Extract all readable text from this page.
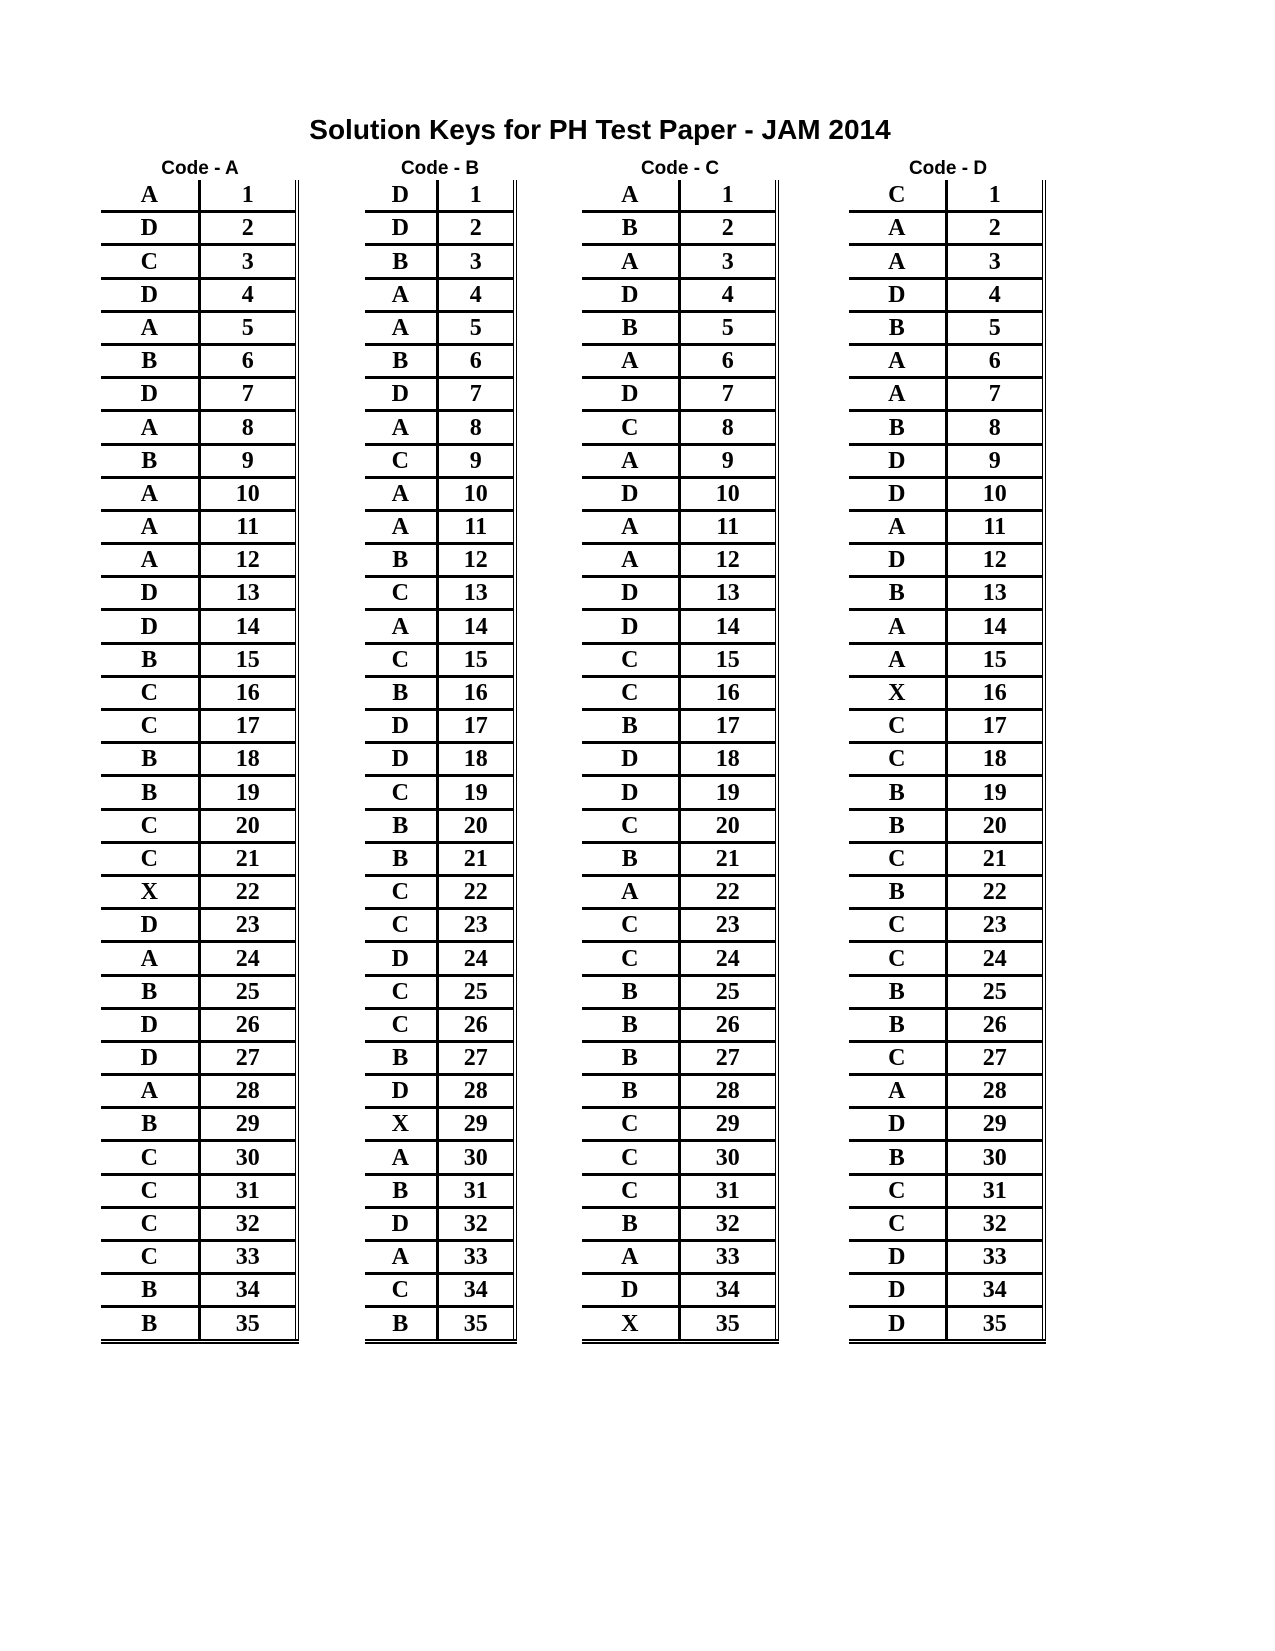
Solution Keys for PH Test Paper - JAM 2014
Code - A	Code - B	Code - C	Code - D
A	1
D	2
C	3
D	4
A	5
B	6
D	7
A	8
B	9
A	10
A	11
A	12
D	13
D	14
B	15
C	16
C	17
B	18
B	19
C	20
C	21
X	22
D	23
A	24
B	25
D	26
D	27
A	28
B	29
C	30
C	31
C	32
C	33
B	34
B	35
D	1
D	2
B	3
A	4
A	5
B	6
D	7
A	8
C	9
A	10
A	11
B	12
C	13
A	14
C	15
B	16
D	17
D	18
C	19
B	20
B	21
C	22
C	23
D	24
C	25
C	26
B	27
D	28
X	29
A	30
B	31
D	32
A	33
C	34
B	35
A	1
B	2
A	3
D	4
B	5
A	6
D	7
C	8
A	9
D	10
A	11
A	12
D	13
D	14
C	15
C	16
B	17
D	18
D	19
C	20
B	21
A	22
C	23
C	24
B	25
B	26
B	27
B	28
C	29
C	30
C	31
B	32
A	33
D	34
X	35
C	1
A	2
A	3
D	4
B	5
A	6
A	7
B	8
D	9
D	10
A	11
D	12
B	13
A	14
A	15
X	16
C	17
C	18
B	19
B	20
C	21
B	22
C	23
C	24
B	25
B	26
C	27
A	28
D	29
B	30
C	31
C	32
D	33
D	34
D	35
